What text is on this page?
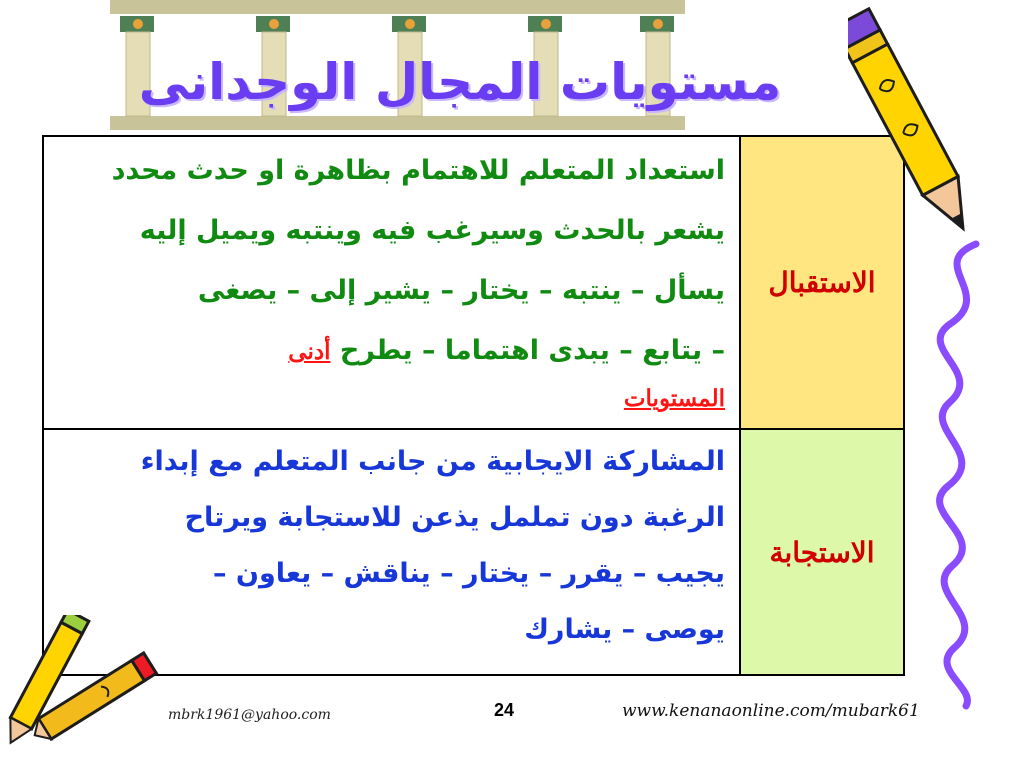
مستويات المجال الوجدانى
الاستقبال	استعداد المتعلم للاهتمام بظاهرة او حدث محدد
يشعر بالحدث وسيرغب فيه وينتبه ويميل إليه
يسأل – ينتبه – يختار – يشير إلى – يصغى
– يتابع – يبدى اهتماما – يطرح أدنى
المستويات

الاستجابة	المشاركة الايجابية من جانب المتعلم مع إبداء
الرغبة دون تململ يذعن للاستجابة ويرتاح
يجيب – يقرر – يختار – يناقش – يعاون –
يوصى – يشارك
mbrk1961@yahoo.com	24	www.kenanaonline.com/mubark61
